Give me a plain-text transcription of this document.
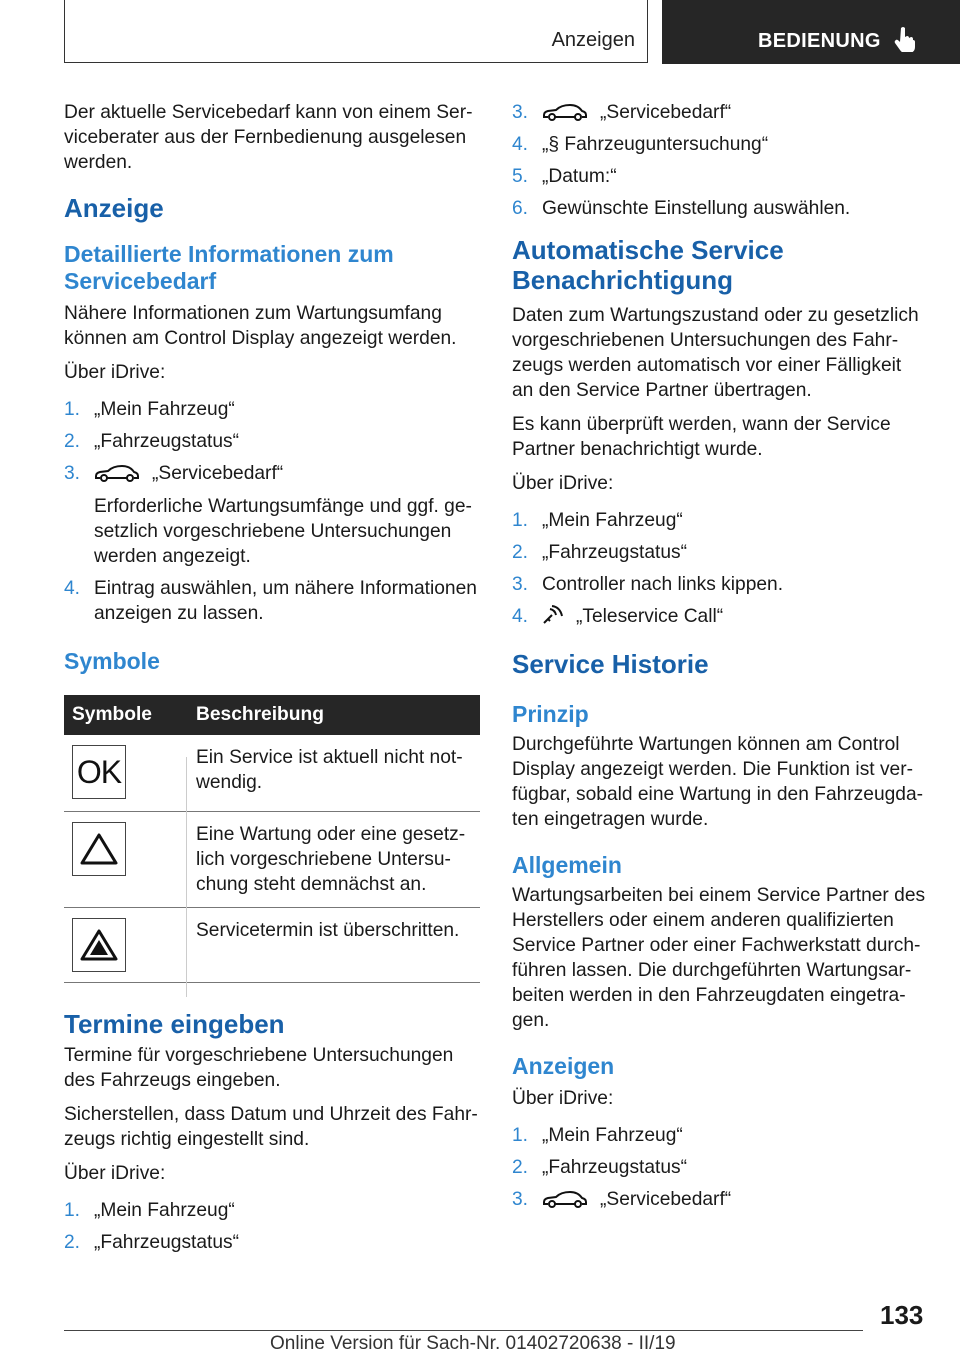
Anzeigen	BEDIENUNG

Der aktuelle Servicebedarf kann von einem Ser‐viceberater aus der Fernbedienung ausgelesen werden.

Anzeige
Detaillierte Informationen zum Servicebedarf

Nähere Informationen zum Wartungsumfang können am Control Display angezeigt werden.

Über iDrive:

1. „Mein Fahrzeug“
2. „Fahrzeugstatus“
3.	„Servicebedarf“
Erforderliche Wartungsumfänge und ggf. ge‐setzlich vorgeschriebene Untersuchungen werden angezeigt.
4. Eintrag auswählen, um nähere Informationen anzeigen zu lassen.
Symbole
Symbole	Beschreibung

OK	Ein Service ist aktuell nicht not‐wendig.

	Eine Wartung oder eine gesetz‐lich vorgeschriebene Untersu‐chung steht demnächst an.

	Servicetermin ist überschritten.
Termine eingeben

Termine für vorgeschriebene Untersuchungen des Fahrzeugs eingeben.

Sicherstellen, dass Datum und Uhrzeit des Fahr‐zeugs richtig eingestellt sind.

Über iDrive:

1. „Mein Fahrzeug“
2. „Fahrzeugstatus“
3.	„Servicebedarf“
4. „§ Fahrzeuguntersuchung“
5. „Datum:“
6. Gewünschte Einstellung auswählen.
Automatische Service Benachrichtigung

Daten zum Wartungszustand oder zu gesetzlich vorgeschriebenen Untersuchungen des Fahr‐zeugs werden automatisch vor einer Fälligkeit an den Service Partner übertragen.

Es kann überprüft werden, wann der Service Partner benachrichtigt wurde.

Über iDrive:

1. „Mein Fahrzeug“
2. „Fahrzeugstatus“
3. Controller nach links kippen.
4. „Teleservice Call“
Service Historie
Prinzip

Durchgeführte Wartungen können am Control Display angezeigt werden. Die Funktion ist ver‐fügbar, sobald eine Wartung in den Fahrzeugda‐ten eingetragen wurde.

Allgemein

Wartungsarbeiten bei einem Service Partner des Herstellers oder einem anderen qualifizierten Service Partner oder einer Fachwerkstatt durch‐führen lassen. Die durchgeführten Wartungsar‐beiten werden in den Fahrzeugdaten eingetra‐gen.

Anzeigen

Über iDrive:

1. „Mein Fahrzeug“
2. „Fahrzeugstatus“
3.	„Servicebedarf“
133
Online Version für Sach-Nr. 01402720638 - II/19
